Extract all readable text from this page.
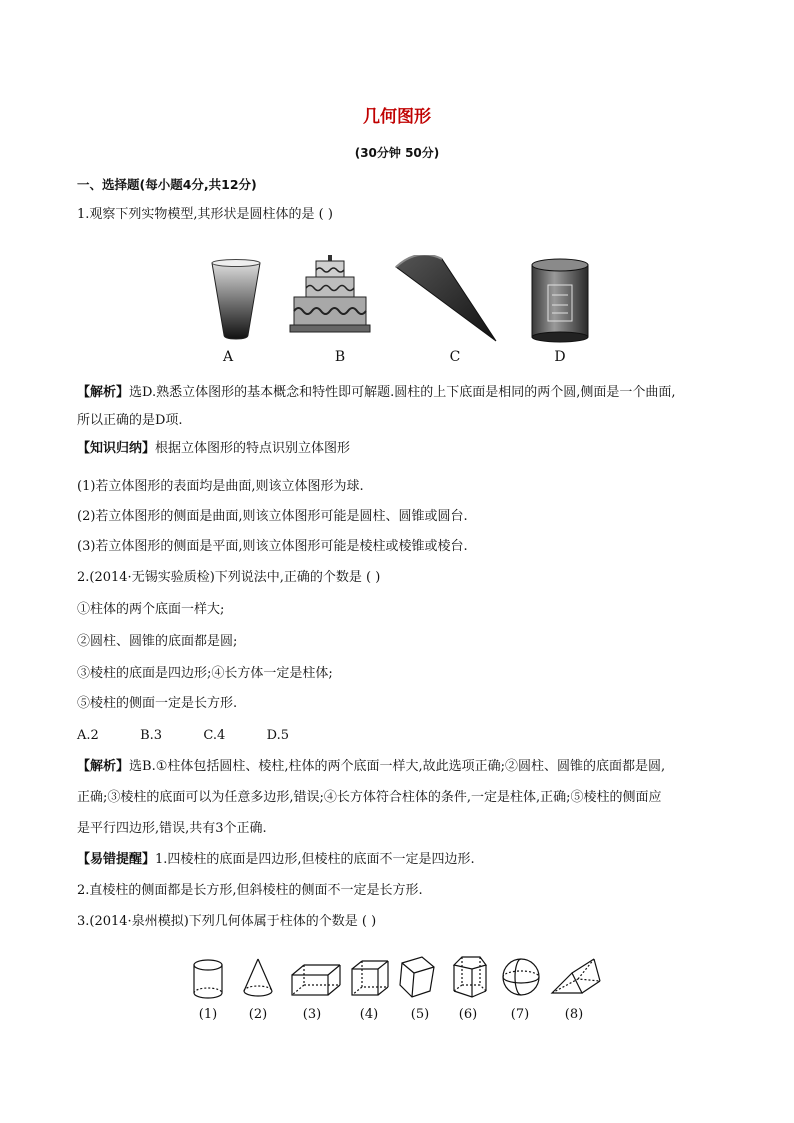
几何图形
(30分钟 50分)
一、选择题(每小题4分,共12分)
1.观察下列实物模型,其形状是圆柱体的是 ( )
A	B	C	D
【解析】选D.熟悉立体图形的基本概念和特性即可解题.圆柱的上下底面是相同的两个圆,侧面是一个曲面,
所以正确的是D项.
【知识归纳】根据立体图形的特点识别立体图形
(1)若立体图形的表面均是曲面,则该立体图形为球.
(2)若立体图形的侧面是曲面,则该立体图形可能是圆柱、圆锥或圆台.
(3)若立体图形的侧面是平面,则该立体图形可能是棱柱或棱锥或棱台.
2.(2014·无锡实验质检)下列说法中,正确的个数是 ( )
①柱体的两个底面一样大;
②圆柱、圆锥的底面都是圆;
③棱柱的底面是四边形;④长方体一定是柱体;
⑤棱柱的侧面一定是长方形.
A.2          B.3          C.4          D.5
【解析】选B.①柱体包括圆柱、棱柱,柱体的两个底面一样大,故此选项正确;②圆柱、圆锥的底面都是圆,
正确;③棱柱的底面可以为任意多边形,错误;④长方体符合柱体的条件,一定是柱体,正确;⑤棱柱的侧面应
是平行四边形,错误,共有3个正确.
【易错提醒】1.四棱柱的底面是四边形,但棱柱的底面不一定是四边形.
2.直棱柱的侧面都是长方形,但斜棱柱的侧面不一定是长方形.
3.(2014·泉州模拟)下列几何体属于柱体的个数是 ( )
(1)	(2)	(3)	(4)	(5)	(6)	(7)	(8)
